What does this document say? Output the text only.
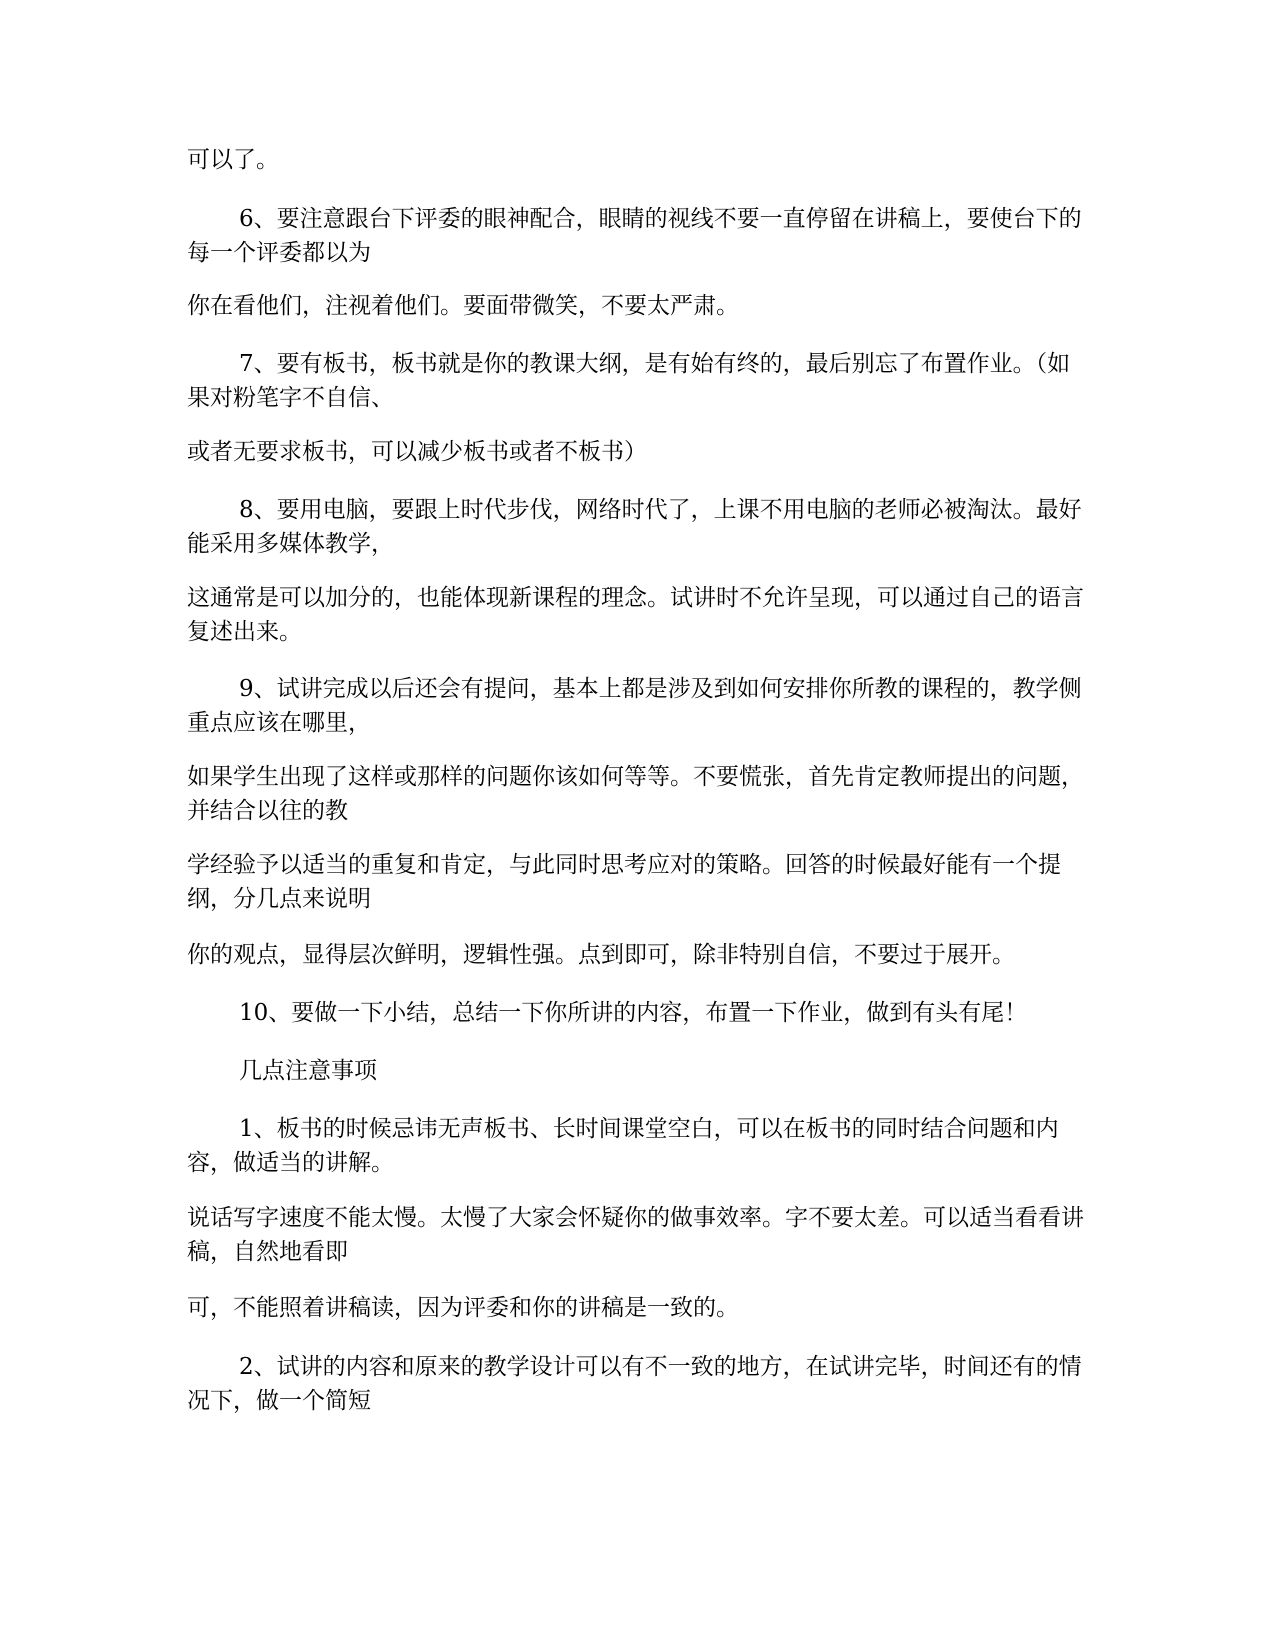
可以了。

6、要注意跟台下评委的眼神配合，眼睛的视线不要一直停留在讲稿上，要使台下的每一个评委都以为

你在看他们，注视着他们。要面带微笑，不要太严肃。

7、要有板书，板书就是你的教课大纲，是有始有终的，最后别忘了布置作业。（如果对粉笔字不自信、

或者无要求板书，可以减少板书或者不板书）

8、要用电脑，要跟上时代步伐，网络时代了，上课不用电脑的老师必被淘汰。最好能采用多媒体教学，

这通常是可以加分的，也能体现新课程的理念。试讲时不允许呈现，可以通过自己的语言复述出来。

9、试讲完成以后还会有提问，基本上都是涉及到如何安排你所教的课程的，教学侧重点应该在哪里，

如果学生出现了这样或那样的问题你该如何等等。不要慌张，首先肯定教师提出的问题，并结合以往的教

学经验予以适当的重复和肯定，与此同时思考应对的策略。回答的时候最好能有一个提纲，分几点来说明

你的观点，显得层次鲜明，逻辑性强。点到即可，除非特别自信，不要过于展开。

10、要做一下小结，总结一下你所讲的内容，布置一下作业，做到有头有尾！

几点注意事项

1、板书的时候忌讳无声板书、长时间课堂空白，可以在板书的同时结合问题和内容，做适当的讲解。

说话写字速度不能太慢。太慢了大家会怀疑你的做事效率。字不要太差。可以适当看看讲稿，自然地看即

可，不能照着讲稿读，因为评委和你的讲稿是一致的。

2、试讲的内容和原来的教学设计可以有不一致的地方，在试讲完毕，时间还有的情况下，做一个简短
